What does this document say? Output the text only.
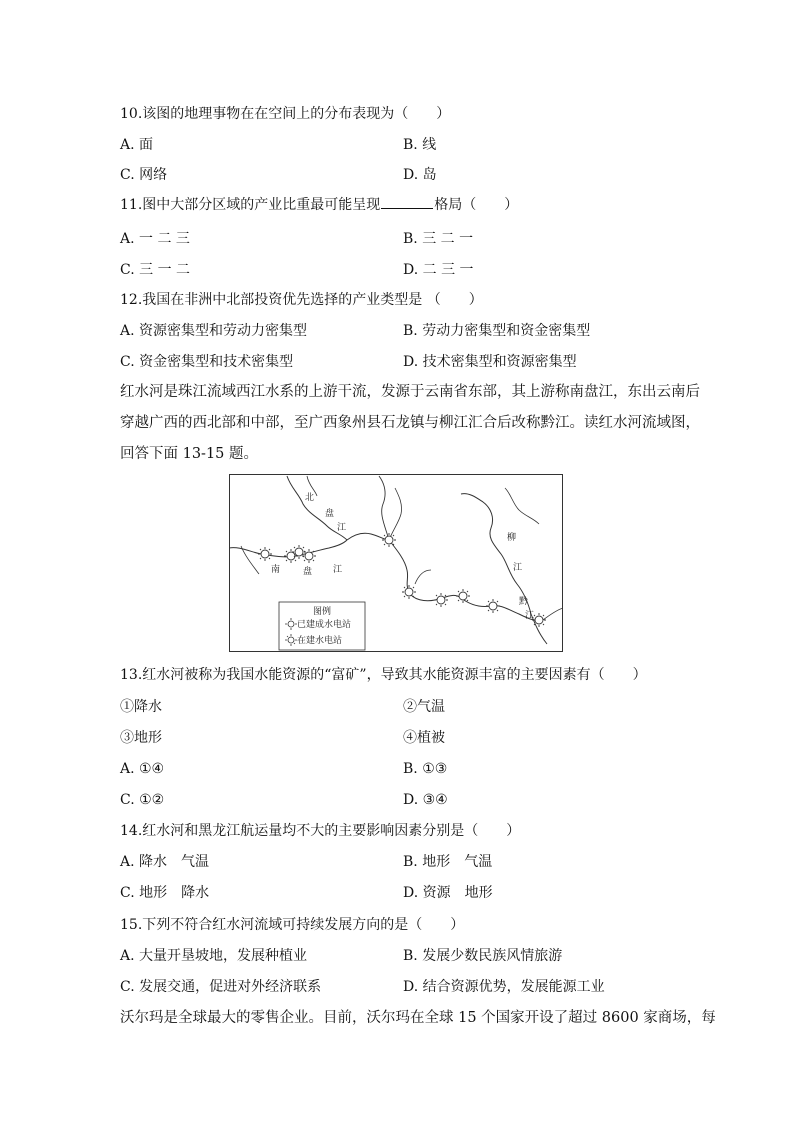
10.该图的地理事物在在空间上的分布表现为（　　）
A. 面	B. 线
C. 网络	D. 岛
11.图中大部分区域的产业比重最可能呈现	格局（　　）
A. 一 二 三	B. 三 二 一
C. 三 一 二	D. 二 三 一
12.我国在非洲中北部投资优先选择的产业类型是 （　　）
A. 资源密集型和劳动力密集型	B. 劳动力密集型和资金密集型
C. 资金密集型和技术密集型	D. 技术密集型和资源密集型
红水河是珠江流域西江水系的上游干流，发源于云南省东部，其上游称南盘江，东出云南后
穿越广西的西北部和中部，至广西象州县石龙镇与柳江汇合后改称黔江。读红水河流域图，
回答下面 13-15 题。
北
盘
江
南	盘 江
柳
江
黔
江
图例
已建成水电站
在建水电站
13.红水河被称为我国水能资源的“富矿”，导致其水能资源丰富的主要因素有（　　）
①降水	②气温
③地形	④植被
A. ①④	B. ①③
C. ①②	D. ③④
14.红水河和黑龙江航运量均不大的主要影响因素分别是（　　）
A. 降水　气温	B. 地形　气温
C. 地形　降水	D. 资源　地形
15.下列不符合红水河流域可持续发展方向的是（　　）
A. 大量开垦坡地，发展种植业	B. 发展少数民族风情旅游
C. 发展交通，促进对外经济联系	D. 结合资源优势，发展能源工业
沃尔玛是全球最大的零售企业。目前，沃尔玛在全球 15 个国家开设了超过 8600 家商场，每
